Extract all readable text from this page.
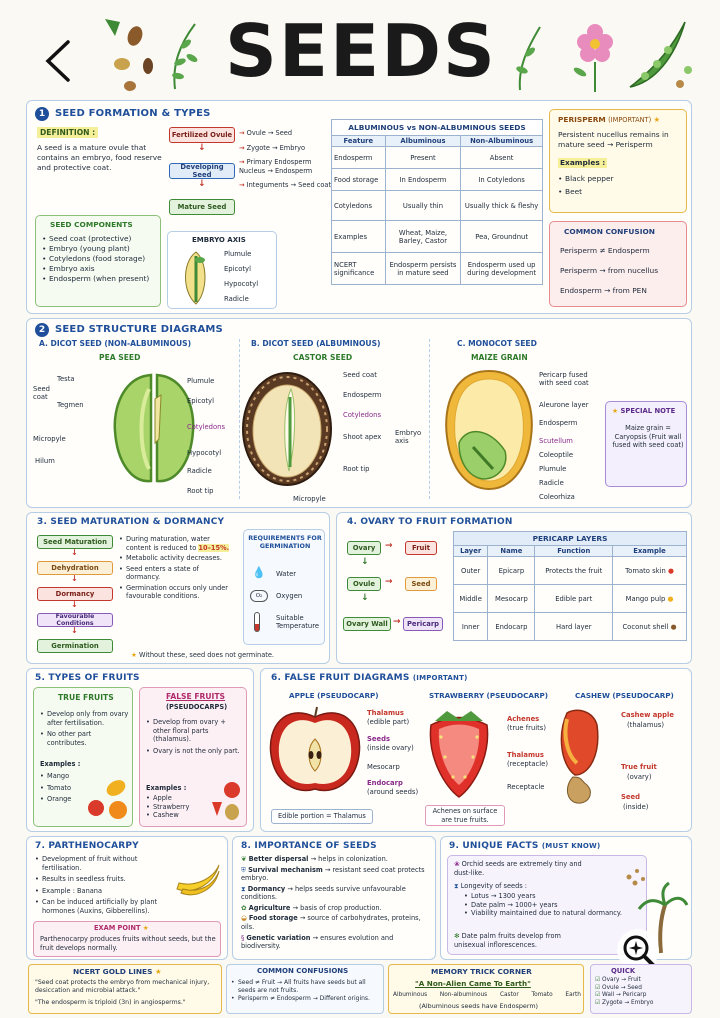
SEEDS
1 SEED FORMATION & TYPES
DEFINITION :
A seed is a mature ovule that contains an embryo, food reserve and protective coat.
Fertilized Ovule
↓
Developing Seed
↓
Mature Seed
→ Ovule → Seed
→ Zygote → Embryo
→ Primary Endosperm Nucleus → Endosperm
→ Integuments → Seed coat
SEED COMPONENTS
• Seed coat (protective)
• Embryo (young plant)
• Cotyledons (food storage)
• Embryo axis
• Endosperm (when present)
EMBRYO AXIS
Plumule
Epicotyl
Hypocotyl
Radicle
ALBUMINOUS vs NON-ALBUMINOUS SEEDS
Feature	Albuminous	Non-Albuminous
Endosperm	Present	Absent
Food storage	In Endosperm	In Cotyledons
Cotyledons	Usually thin	Usually thick & fleshy
Examples	Wheat, Maize, Barley, Castor	Pea, Groundnut
NCERT significance	Endosperm persists in mature seed	Endosperm used up during development
PERISPERM (IMPORTANT) ★
Persistent nucellus remains in mature seed → Perisperm
Examples :
• Black pepper
• Beet
COMMON CONFUSION
Perisperm ≠ Endosperm
Perisperm → from nucellus
Endosperm → from PEN
2 SEED STRUCTURE DIAGRAMS
A. DICOT SEED (NON-ALBUMINOUS)
PEA SEED
Testa
Tegmen
Seed coat
Micropyle
Hilum
Plumule
Epicotyl
Cotyledons
Hypocotyl
Radicle
Root tip
B. DICOT SEED (ALBUMINOUS)
CASTOR SEED
Seed coat
Endosperm
Cotyledons
Shoot apex
Root tip
Micropyle
Embryo axis
C. MONOCOT SEED
MAIZE GRAIN
Pericarp fused with seed coat
Aleurone layer
Endosperm
Scutellum
Coleoptile
Plumule
Radicle
Coleorhiza
★ SPECIAL NOTE
Maize grain = Caryopsis (Fruit wall fused with seed coat)
3. SEED MATURATION & DORMANCY
Seed Maturation
↓
Dehydration
↓
Dormancy
↓
Favourable Conditions
↓
Germination
• During maturation, water content is reduced to 10–15%.
• Metabolic activity decreases.
• Seed enters a state of dormancy.
• Germination occurs only under favourable conditions.
REQUIREMENTS FOR GERMINATION
💧 Water
O₂	Oxygen
Suitable Temperature
★ Without these, seed does not germinate.
4. OVARY TO FRUIT FORMATION
Ovary	→	Fruit
↓
Ovule	→	Seed
↓
Ovary Wall → Pericarp
PERICARP LAYERS
Layer	Name	Function	Example
Outer	Epicarp	Protects the fruit	Tomato skin ●
Middle	Mesocarp	Edible part	Mango pulp ●
Inner	Endocarp	Hard layer	Coconut shell ●
5. TYPES OF FRUITS
TRUE FRUITS
• Develop only from ovary after fertilisation.
• No other part contributes.
Examples :
• Mango
• Tomato
• Orange
FALSE FRUITS
(PSEUDOCARPS)
• Develop from ovary + other floral parts (thalamus).
• Ovary is not the only part.
Examples :
• Apple
• Strawberry
• Cashew
6. FALSE FRUIT DIAGRAMS (IMPORTANT)
APPLE (PSEUDOCARP)
Thalamus
(edible part)
Seeds
(inside ovary)
Mesocarp
Endocarp
(around seeds)
Edible portion = Thalamus
STRAWBERRY (PSEUDOCARP)
Achenes
(true fruits)
Thalamus
(receptacle)
Receptacle
Achenes on surface are true fruits.
CASHEW (PSEUDOCARP)
Cashew apple
(thalamus)
True fruit
(ovary)
Seed
(inside)
7. PARTHENOCARPY
• Development of fruit without fertilisation.
• Results in seedless fruits.
• Example : Banana
• Can be induced artificially by plant hormones (Auxins, Gibberellins).
EXAM POINT ★
Parthenocarpy produces fruits without seeds, but the fruit develops normally.
8. IMPORTANCE OF SEEDS
❦ Better dispersal → helps in colonization.
⛨ Survival mechanism → resistant seed coat protects embryo.
⧗ Dormancy → helps seeds survive unfavourable conditions.
✿ Agriculture → basis of crop production.
◒ Food storage → source of carbohydrates, proteins, oils.
§ Genetic variation → ensures evolution and biodiversity.
9. UNIQUE FACTS (MUST KNOW)
❀ Orchid seeds are extremely tiny and dust-like.
⧗ Longevity of seeds :
• Lotus → 1300 years
• Date palm → 1000+ years
• Viability maintained due to natural dormancy.
✻ Date palm fruits develop from unisexual inflorescences.
NCERT GOLD LINES ★
"Seed coat protects the embryo from mechanical injury, desiccation and microbial attack."
"The endosperm is triploid (3n) in angiosperms."
COMMON CONFUSIONS
• Seed ≠ Fruit → All fruits have seeds but all seeds are not fruits.
• Perisperm ≠ Endosperm → Different origins.
MEMORY TRICK CORNER
"A Non-Alien Came To Earth"
Albuminous Non-albuminous Castor Tomato Earth
(Albuminous seeds have Endosperm)
QUICK
☑ Ovary → Fruit
☑ Ovule → Seed
☑ Wall → Pericarp
☑ Zygote → Embryo
